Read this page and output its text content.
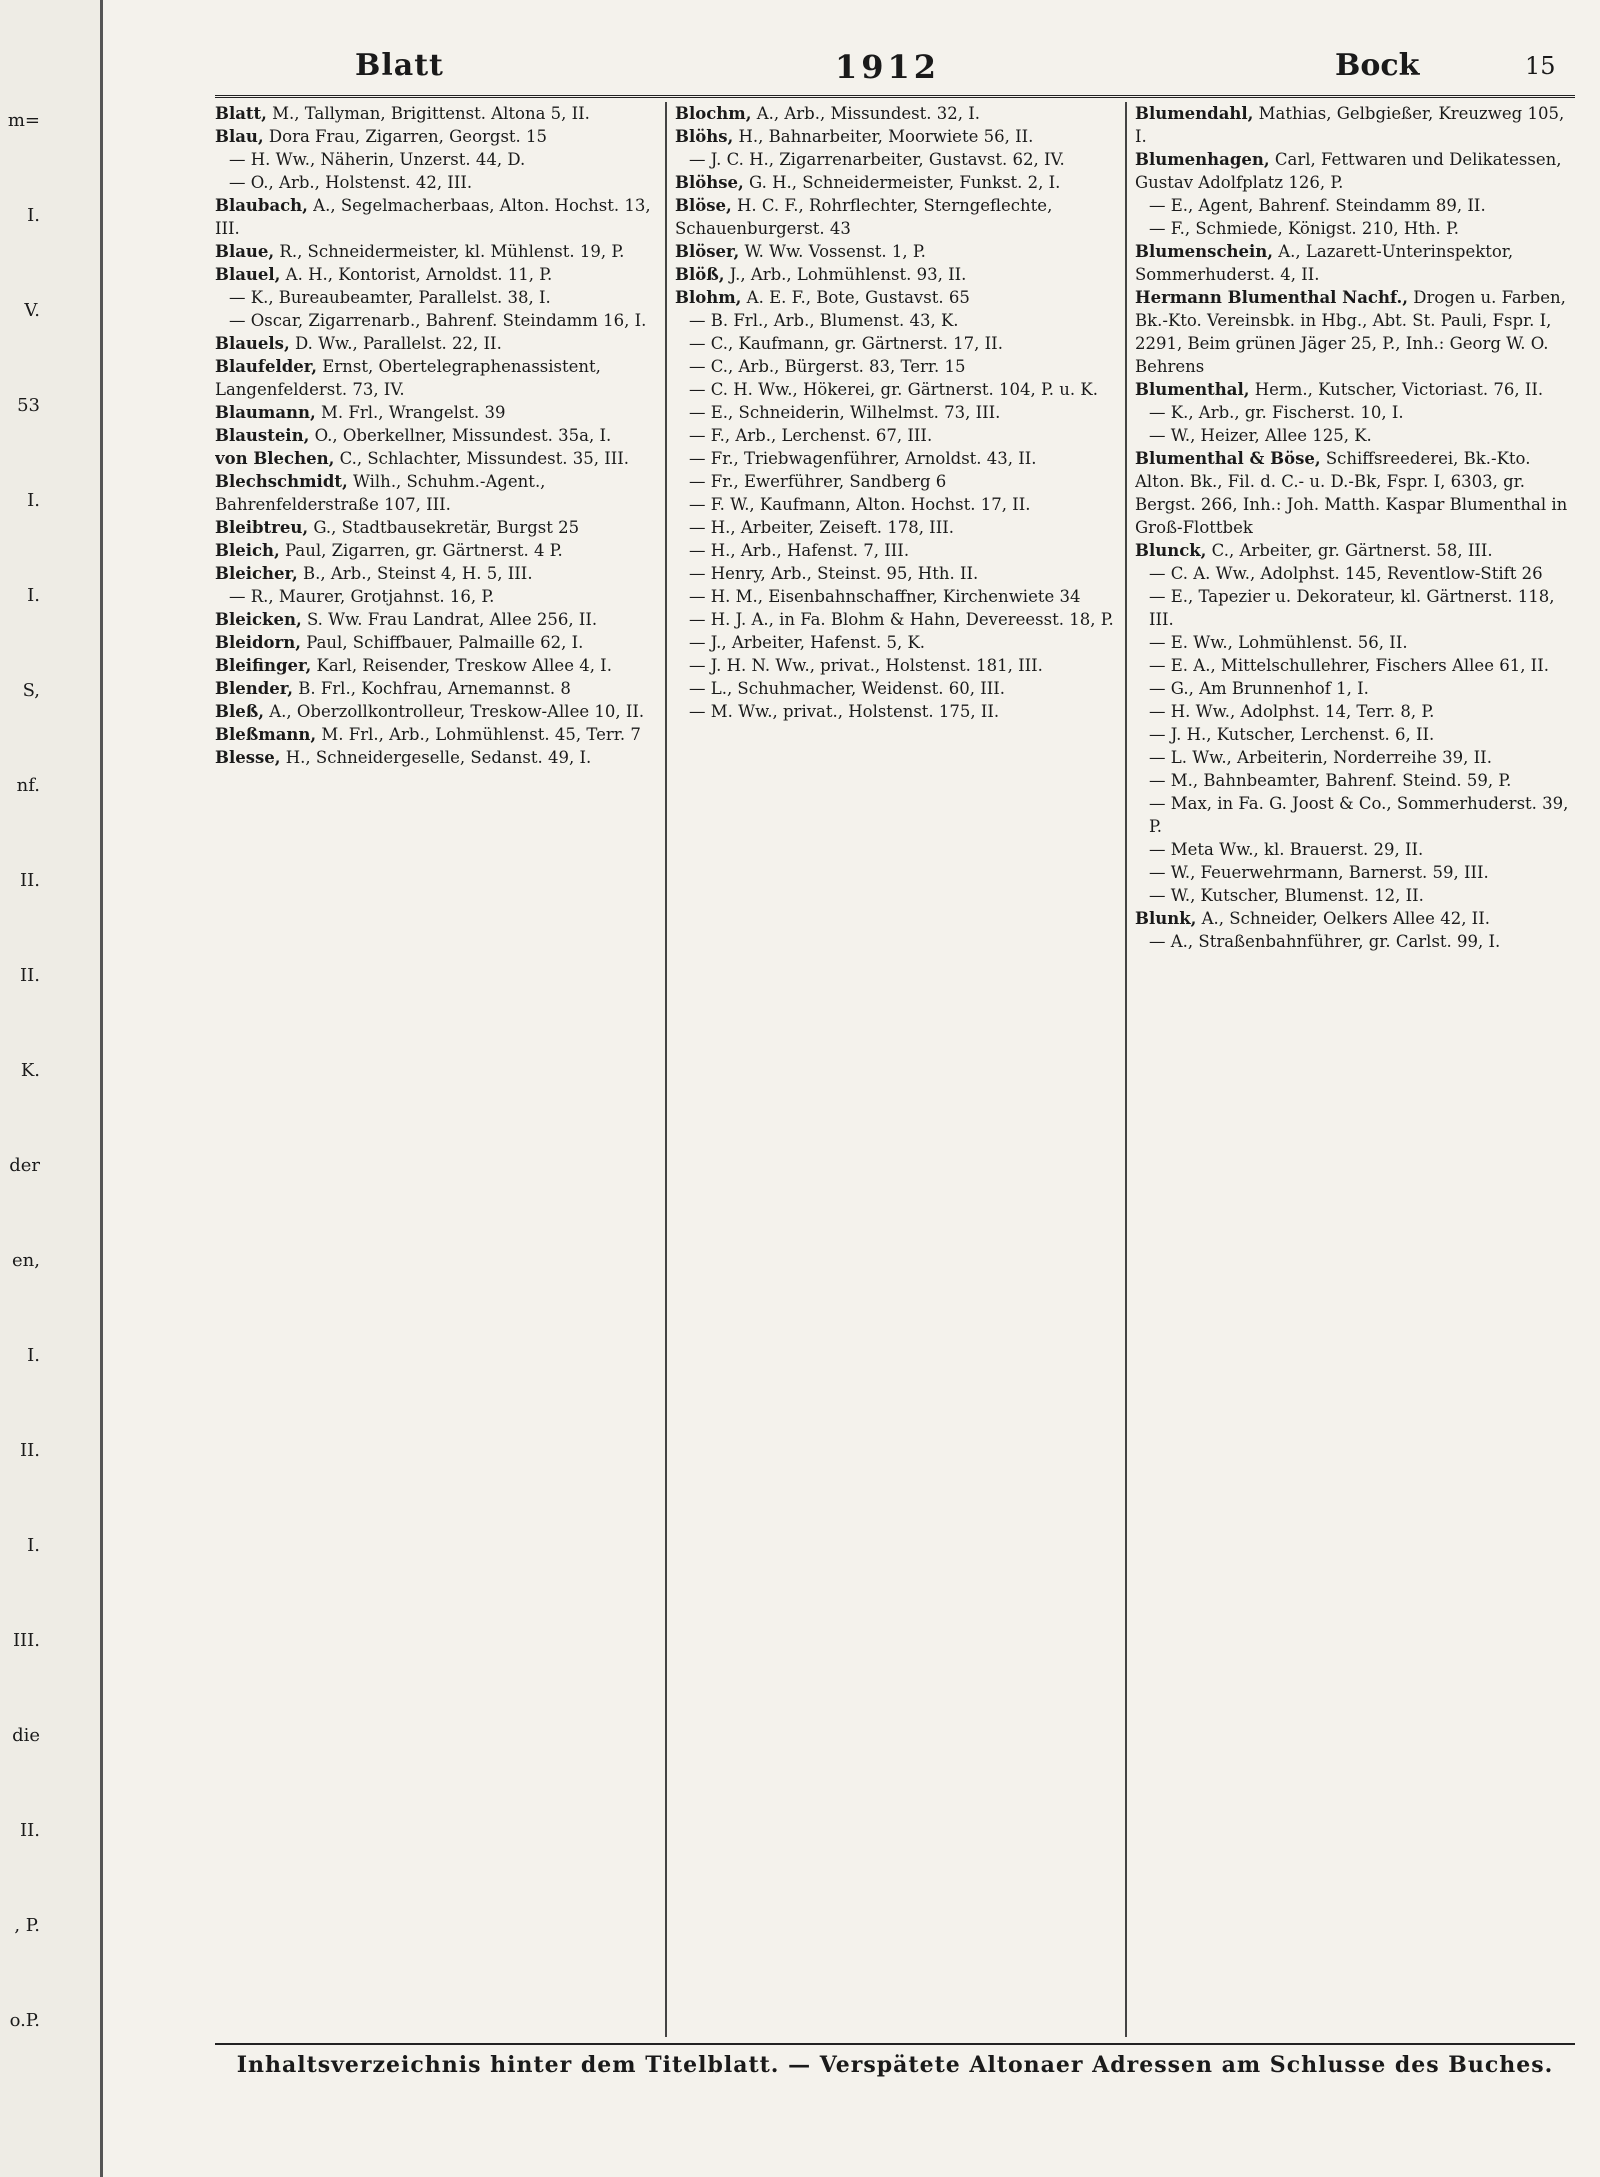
m=
I.
V.
53
I.
I.
S,
nf.
II.
II.
K.
der
en,
I.
II.
I.
III.
die
II.
, P.
o.P.
Blatt	1912	Bock	15

Blatt, M., Tallyman, Brigittenst. Altona 5, II.

Blau, Dora Frau, Zigarren, Georgst. 15

— H. Ww., Näherin, Unzerst. 44, D.

— O., Arb., Holstenst. 42, III.

Blaubach, A., Segelmacherbaas, Alton. Hochst. 13, III.

Blaue, R., Schneidermeister, kl. Mühlenst. 19, P.

Blauel, A. H., Kontorist, Arnoldst. 11, P.

— K., Bureaubeamter, Parallelst. 38, I.

— Oscar, Zigarrenarb., Bahrenf. Steindamm 16, I.

Blauels, D. Ww., Parallelst. 22, II.

Blaufelder, Ernst, Obertelegraphenassistent, Langenfelderst. 73, IV.

Blaumann, M. Frl., Wrangelst. 39

Blaustein, O., Oberkellner, Missundest. 35a, I.

von Blechen, C., Schlachter, Missundest. 35, III.

Blechschmidt, Wilh., Schuhm.-Agent., Bahrenfelderstraße 107, III.

Bleibtreu, G., Stadtbausekretär, Burgst 25

Bleich, Paul, Zigarren, gr. Gärtnerst. 4 P.

Bleicher, B., Arb., Steinst 4, H. 5, III.

— R., Maurer, Grotjahnst. 16, P.

Bleicken, S. Ww. Frau Landrat, Allee 256, II.

Bleidorn, Paul, Schiffbauer, Palmaille 62, I.

Bleifinger, Karl, Reisender, Treskow Allee 4, I.

Blender, B. Frl., Kochfrau, Arnemannst. 8

Bleß, A., Oberzollkontrolleur, Treskow-Allee 10, II.

Bleßmann, M. Frl., Arb., Lohmühlenst. 45, Terr. 7

Blesse, H., Schneidergeselle, Sedanst. 49, I.

Blochm, A., Arb., Missundest. 32, I.

Blöhs, H., Bahnarbeiter, Moorwiete 56, II.

— J. C. H., Zigarrenarbeiter, Gustavst. 62, IV.

Blöhse, G. H., Schneidermeister, Funkst. 2, I.

Blöse, H. C. F., Rohrflechter, Sterngeflechte, Schauenburgerst. 43

Blöser, W. Ww. Vossenst. 1, P.

Blöß, J., Arb., Lohmühlenst. 93, II.

Blohm, A. E. F., Bote, Gustavst. 65

— B. Frl., Arb., Blumenst. 43, K.

— C., Kaufmann, gr. Gärtnerst. 17, II.

— C., Arb., Bürgerst. 83, Terr. 15

— C. H. Ww., Hökerei, gr. Gärtnerst. 104, P. u. K.

— E., Schneiderin, Wilhelmst. 73, III.

— F., Arb., Lerchenst. 67, III.

— Fr., Triebwagenführer, Arnoldst. 43, II.

— Fr., Ewerführer, Sandberg 6

— F. W., Kaufmann, Alton. Hochst. 17, II.

— H., Arbeiter, Zeiseft. 178, III.

— H., Arb., Hafenst. 7, III.

— Henry, Arb., Steinst. 95, Hth. II.

— H. M., Eisenbahnschaffner, Kirchenwiete 34

— H. J. A., in Fa. Blohm & Hahn, Devereesst. 18, P.

— J., Arbeiter, Hafenst. 5, K.

— J. H. N. Ww., privat., Holstenst. 181, III.

— L., Schuhmacher, Weidenst. 60, III.

— M. Ww., privat., Holstenst. 175, II.

Blumendahl, Mathias, Gelbgießer, Kreuzweg 105, I.

Blumenhagen, Carl, Fettwaren und Delikatessen, Gustav Adolfplatz 126, P.

— E., Agent, Bahrenf. Steindamm 89, II.

— F., Schmiede, Königst. 210, Hth. P.

Blumenschein, A., Lazarett-Unterinspektor, Sommerhuderst. 4, II.

Hermann Blumenthal Nachf., Drogen u. Farben, Bk.-Kto. Vereinsbk. in Hbg., Abt. St. Pauli, Fspr. I, 2291, Beim grünen Jäger 25, P., Inh.: Georg W. O. Behrens

Blumenthal, Herm., Kutscher, Victoriast. 76, II.

— K., Arb., gr. Fischerst. 10, I.

— W., Heizer, Allee 125, K.

Blumenthal & Böse, Schiffsreederei, Bk.-Kto. Alton. Bk., Fil. d. C.- u. D.-Bk, Fspr. I, 6303, gr. Bergst. 266, Inh.: Joh. Matth. Kaspar Blumenthal in Groß-Flottbek

Blunck, C., Arbeiter, gr. Gärtnerst. 58, III.

— C. A. Ww., Adolphst. 145, Reventlow-Stift 26

— E., Tapezier u. Dekorateur, kl. Gärtnerst. 118, III.

— E. Ww., Lohmühlenst. 56, II.

— E. A., Mittelschullehrer, Fischers Allee 61, II.

— G., Am Brunnenhof 1, I.

— H. Ww., Adolphst. 14, Terr. 8, P.

— J. H., Kutscher, Lerchenst. 6, II.

— L. Ww., Arbeiterin, Norderreihe 39, II.

— M., Bahnbeamter, Bahrenf. Steind. 59, P.

— Max, in Fa. G. Joost & Co., Sommerhuderst. 39, P.

— Meta Ww., kl. Brauerst. 29, II.

— W., Feuerwehrmann, Barnerst. 59, III.

— W., Kutscher, Blumenst. 12, II.

Blunk, A., Schneider, Oelkers Allee 42, II.

— A., Straßenbahnführer, gr. Carlst. 99, I.

Inhaltsverzeichnis hinter dem Titelblatt. — Verspätete Altonaer Adressen am Schlusse des Buches.
